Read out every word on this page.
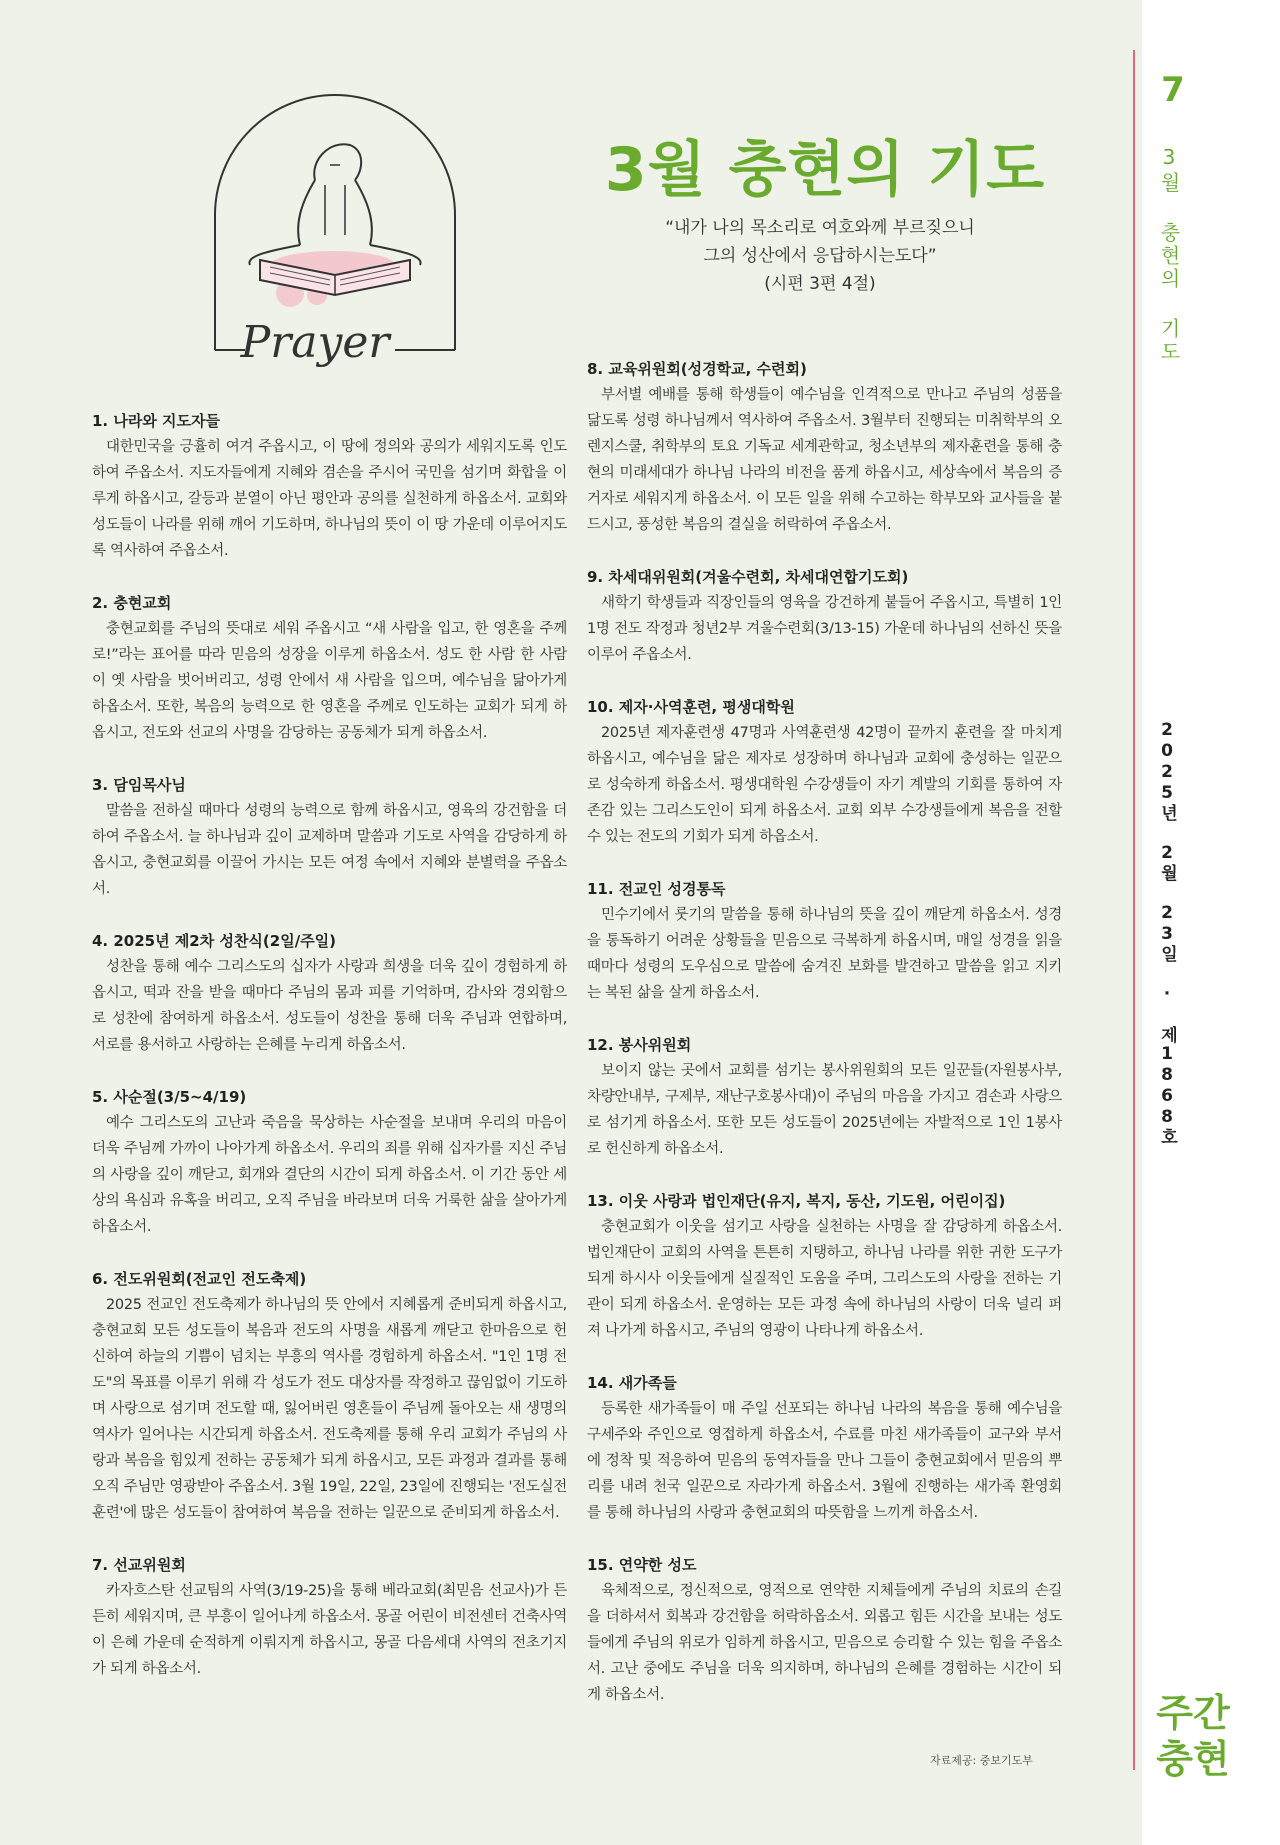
7
3월 충현의 기도
2025년 2월 23일 · 제1868호
주간
충현
Prayer
3월 충현의 기도
“내가 나의 목소리로 여호와께 부르짖으니
그의 성산에서 응답하시는도다”
(시편 3편 4절)
1. 나라와 지도자들

대한민국을 긍휼히 여겨 주옵시고, 이 땅에 정의와 공의가 세워지도록 인도하여 주옵소서. 지도자들에게 지혜와 겸손을 주시어 국민을 섬기며 화합을 이루게 하옵시고, 갈등과 분열이 아닌 평안과 공의를 실천하게 하옵소서. 교회와 성도들이 나라를 위해 깨어 기도하며, 하나님의 뜻이 이 땅 가운데 이루어지도록 역사하여 주옵소서.

2. 충현교회

충현교회를 주님의 뜻대로 세워 주옵시고 “새 사람을 입고, 한 영혼을 주께로!”라는 표어를 따라 믿음의 성장을 이루게 하옵소서. 성도 한 사람 한 사람이 옛 사람을 벗어버리고, 성령 안에서 새 사람을 입으며, 예수님을 닮아가게 하옵소서. 또한, 복음의 능력으로 한 영혼을 주께로 인도하는 교회가 되게 하옵시고, 전도와 선교의 사명을 감당하는 공동체가 되게 하옵소서.

3. 담임목사님

말씀을 전하실 때마다 성령의 능력으로 함께 하옵시고, 영육의 강건함을 더하여 주옵소서. 늘 하나님과 깊이 교제하며 말씀과 기도로 사역을 감당하게 하옵시고, 충현교회를 이끌어 가시는 모든 여정 속에서 지혜와 분별력을 주옵소서.

4. 2025년 제2차 성찬식(2일/주일)

성찬을 통해 예수 그리스도의 십자가 사랑과 희생을 더욱 깊이 경험하게 하옵시고, 떡과 잔을 받을 때마다 주님의 몸과 피를 기억하며, 감사와 경외함으로 성찬에 참여하게 하옵소서. 성도들이 성찬을 통해 더욱 주님과 연합하며, 서로를 용서하고 사랑하는 은혜를 누리게 하옵소서.

5. 사순절(3/5~4/19)

예수 그리스도의 고난과 죽음을 묵상하는 사순절을 보내며 우리의 마음이 더욱 주님께 가까이 나아가게 하옵소서. 우리의 죄를 위해 십자가를 지신 주님의 사랑을 깊이 깨닫고, 회개와 결단의 시간이 되게 하옵소서. 이 기간 동안 세상의 욕심과 유혹을 버리고, 오직 주님을 바라보며 더욱 거룩한 삶을 살아가게 하옵소서.

6. 전도위원회(전교인 전도축제)

2025 전교인 전도축제가 하나님의 뜻 안에서 지혜롭게 준비되게 하옵시고, 충현교회 모든 성도들이 복음과 전도의 사명을 새롭게 깨닫고 한마음으로 헌신하여 하늘의 기쁨이 넘치는 부흥의 역사를 경험하게 하옵소서. "1인 1명 전도"의 목표를 이루기 위해 각 성도가 전도 대상자를 작정하고 끊임없이 기도하며 사랑으로 섬기며 전도할 때, 잃어버린 영혼들이 주님께 돌아오는 새 생명의 역사가 일어나는 시간되게 하옵소서. 전도축제를 통해 우리 교회가 주님의 사랑과 복음을 힘있게 전하는 공동체가 되게 하옵시고, 모든 과정과 결과를 통해 오직 주님만 영광받아 주옵소서. 3월 19일, 22일, 23일에 진행되는 '전도실전 훈련'에 많은 성도들이 참여하여 복음을 전하는 일꾼으로 준비되게 하옵소서.

7. 선교위원회

카자흐스탄 선교팀의 사역(3/19-25)을 통해 베라교회(최믿음 선교사)가 든든히 세워지며, 큰 부흥이 일어나게 하옵소서. 몽골 어린이 비전센터 건축사역이 은혜 가운데 순적하게 이뤄지게 하옵시고, 몽골 다음세대 사역의 전초기지가 되게 하옵소서.

8. 교육위원회(성경학교, 수련회)

부서별 예배를 통해 학생들이 예수님을 인격적으로 만나고 주님의 성품을 닮도록 성령 하나님께서 역사하여 주옵소서. 3월부터 진행되는 미취학부의 오렌지스쿨, 취학부의 토요 기독교 세계관학교, 청소년부의 제자훈련을 통해 충현의 미래세대가 하나님 나라의 비전을 품게 하옵시고, 세상속에서 복음의 증거자로 세워지게 하옵소서. 이 모든 일을 위해 수고하는 학부모와 교사들을 붙드시고, 풍성한 복음의 결실을 허락하여 주옵소서.

9. 차세대위원회(겨울수련회, 차세대연합기도회)

새학기 학생들과 직장인들의 영육을 강건하게 붙들어 주옵시고, 특별히 1인 1명 전도 작정과 청년2부 겨울수련회(3/13-15) 가운데 하나님의 선하신 뜻을 이루어 주옵소서.

10. 제자·사역훈련, 평생대학원

2025년 제자훈련생 47명과 사역훈련생 42명이 끝까지 훈련을 잘 마치게 하옵시고, 예수님을 닮은 제자로 성장하며 하나님과 교회에 충성하는 일꾼으로 성숙하게 하옵소서. 평생대학원 수강생들이 자기 계발의 기회를 통하여 자존감 있는 그리스도인이 되게 하옵소서. 교회 외부 수강생들에게 복음을 전할 수 있는 전도의 기회가 되게 하옵소서.

11. 전교인 성경통독

민수기에서 룻기의 말씀을 통해 하나님의 뜻을 깊이 깨닫게 하옵소서. 성경을 통독하기 어려운 상황들을 믿음으로 극복하게 하옵시며, 매일 성경을 읽을 때마다 성령의 도우심으로 말씀에 숨겨진 보화를 발견하고 말씀을 읽고 지키는 복된 삶을 살게 하옵소서.

12. 봉사위원회

보이지 않는 곳에서 교회를 섬기는 봉사위원회의 모든 일꾼들(자원봉사부, 차량안내부, 구제부, 재난구호봉사대)이 주님의 마음을 가지고 겸손과 사랑으로 섬기게 하옵소서. 또한 모든 성도들이 2025년에는 자발적으로 1인 1봉사로 헌신하게 하옵소서.

13. 이웃 사랑과 법인재단(유지, 복지, 동산, 기도원, 어린이집)

충현교회가 이웃을 섬기고 사랑을 실천하는 사명을 잘 감당하게 하옵소서. 법인재단이 교회의 사역을 튼튼히 지탱하고, 하나님 나라를 위한 귀한 도구가 되게 하시사 이웃들에게 실질적인 도움을 주며, 그리스도의 사랑을 전하는 기관이 되게 하옵소서. 운영하는 모든 과정 속에 하나님의 사랑이 더욱 널리 퍼져 나가게 하옵시고, 주님의 영광이 나타나게 하옵소서.

14. 새가족들

등록한 새가족들이 매 주일 선포되는 하나님 나라의 복음을 통해 예수님을 구세주와 주인으로 영접하게 하옵소서, 수료를 마친 새가족들이 교구와 부서에 정착 및 적응하여 믿음의 동역자들을 만나 그들이 충현교회에서 믿음의 뿌리를 내려 천국 일꾼으로 자라가게 하옵소서. 3월에 진행하는 새가족 환영회를 통해 하나님의 사랑과 충현교회의 따뜻함을 느끼게 하옵소서.

15. 연약한 성도

육체적으로, 정신적으로, 영적으로 연약한 지체들에게 주님의 치료의 손길을 더하셔서 회복과 강건함을 허락하옵소서. 외롭고 힘든 시간을 보내는 성도들에게 주님의 위로가 임하게 하옵시고, 믿음으로 승리할 수 있는 힘을 주옵소서. 고난 중에도 주님을 더욱 의지하며, 하나님의 은혜를 경험하는 시간이 되게 하옵소서.

자료제공: 중보기도부
